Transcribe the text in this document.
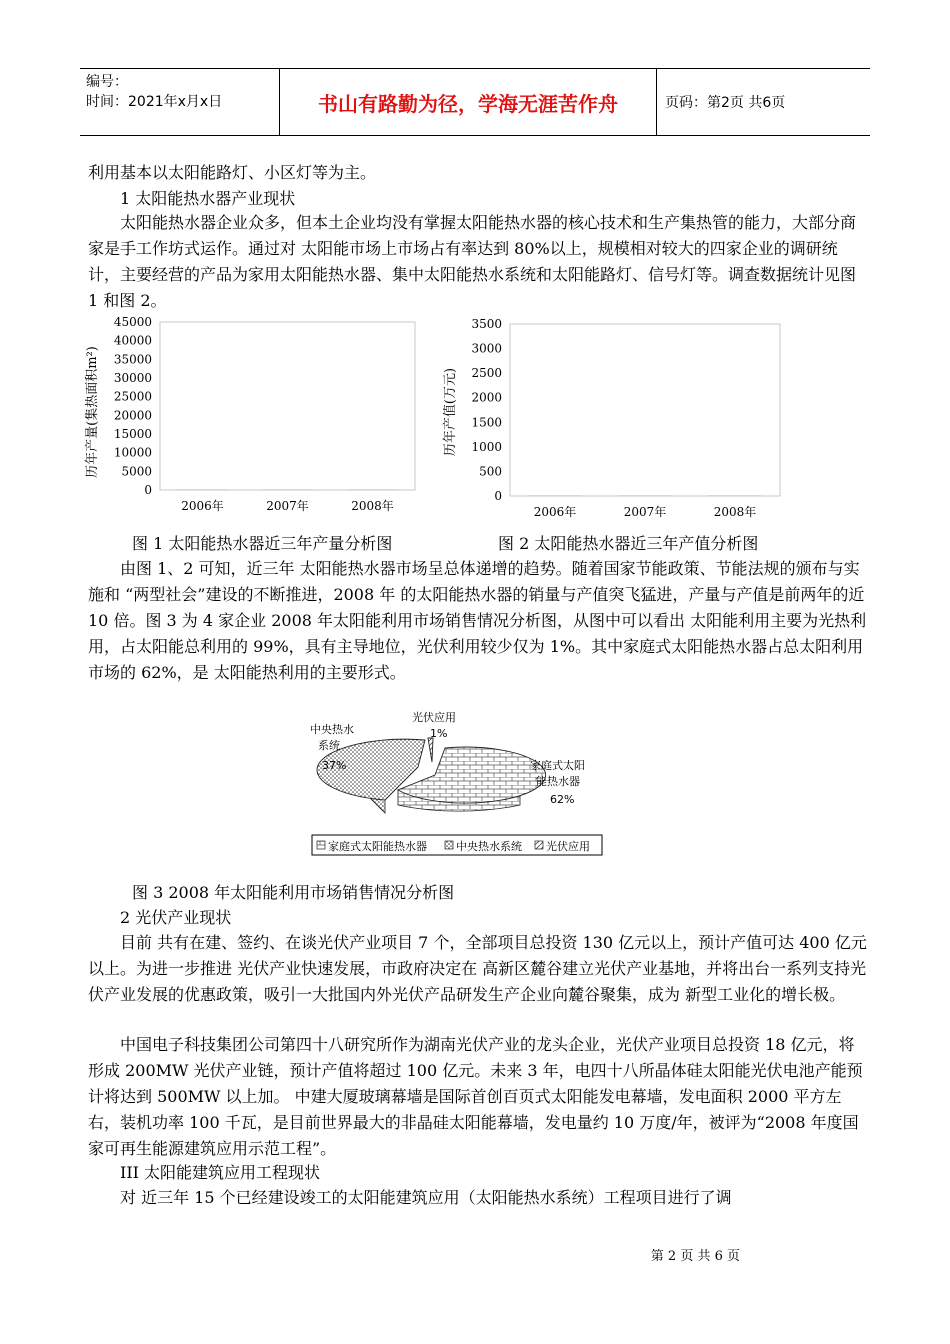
编号：
时间：2021年x月x日	书山有路勤为径，学海无涯苦作舟	页码：第2页 共6页

利用基本以太阳能路灯、小区灯等为主。

1 太阳能热水器产业现状

太阳能热水器企业众多，但本土企业均没有掌握太阳能热水器的核心技术和生产集热管的能力，大部分商家是手工作坊式运作。通过对 太阳能市场上市场占有率达到 80%以上，规模相对较大的四家企业的调研统计，主要经营的产品为家用太阳能热水器、集中太阳能热水系统和太阳能路灯、信号灯等。调查数据统计见图 1 和图 2。

45000
40000
35000
30000
25000
20000
15000
10000
5000
0
2006年	2007年	2008年
历年产量(集热面积m²)
3500
3000
2500
2000
1500
1000
500
0
2006年	2007年	2008年
历年产值(万元)
图 1 太阳能热水器近三年产量分析图	图 2 太阳能热水器近三年产值分析图

由图 1、2 可知，近三年 太阳能热水器市场呈总体递增的趋势。随着国家节能政策、节能法规的颁布与实施和 “两型社会”建设的不断推进，2008 年 的太阳能热水器的销量与产值突飞猛进，产量与产值是前两年的近 10 倍。图 3 为 4 家企业 2008 年太阳能利用市场销售情况分析图，从图中可以看出 太阳能利用主要为光热利用，占太阳能总利用的 99%，具有主导地位，光伏利用较少仅为 1%。其中家庭式太阳能热水器占总太阳利用市场的 62%，是 太阳能热利用的主要形式。

中央热水
系统
37%
光伏应用
1%
家庭式太阳
能热水器
62%
家庭式太阳能热水器	中央热水系统 光伏应用

图 3 2008 年太阳能利用市场销售情况分析图

2 光伏产业现状

目前 共有在建、签约、在谈光伏产业项目 7 个，全部项目总投资 130 亿元以上，预计产值可达 400 亿元以上。为进一步推进 光伏产业快速发展，市政府决定在 高新区麓谷建立光伏产业基地，并将出台一系列支持光伏产业发展的优惠政策，吸引一大批国内外光伏产品研发生产企业向麓谷聚集，成为 新型工业化的增长极。

中国电子科技集团公司第四十八研究所作为湖南光伏产业的龙头企业，光伏产业项目总投资 18 亿元，将形成 200MW 光伏产业链，预计产值将超过 100 亿元。未来 3 年，电四十八所晶体硅太阳能光伏电池产能预计将达到 500MW 以上加。 中建大厦玻璃幕墙是国际首创百页式太阳能发电幕墙，发电面积 2000 平方左右，装机功率 100 千瓦，是目前世界最大的非晶硅太阳能幕墙，发电量约 10 万度/年，被评为“2008 年度国家可再生能源建筑应用示范工程”。

III 太阳能建筑应用工程现状

对 近三年 15 个已经建设竣工的太阳能建筑应用（太阳能热水系统）工程项目进行了调

第 2 页 共 6 页
